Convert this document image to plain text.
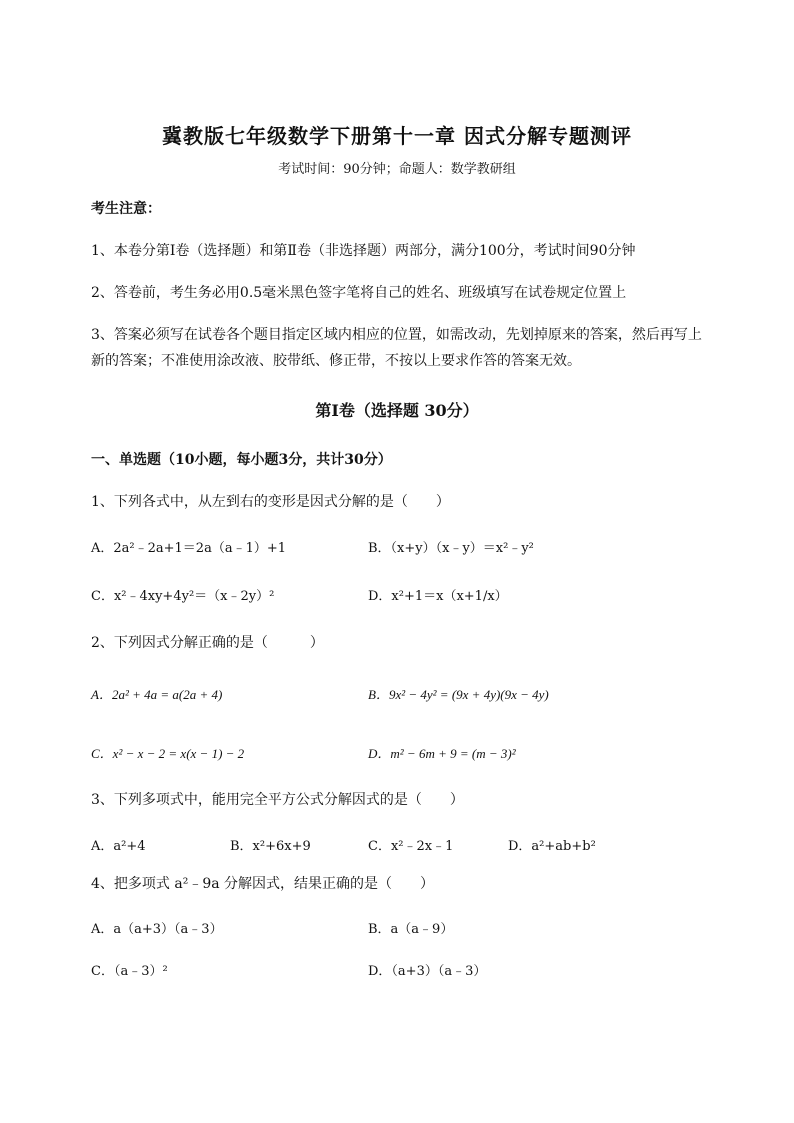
冀教版七年级数学下册第十一章 因式分解专题测评
考试时间：90分钟；命题人：数学教研组
考生注意：
1、本卷分第Ⅰ卷（选择题）和第Ⅱ卷（非选择题）两部分，满分100分，考试时间90分钟
2、答卷前，考生务必用0.5毫米黑色签字笔将自己的姓名、班级填写在试卷规定位置上
3、答案必须写在试卷各个题目指定区域内相应的位置，如需改动，先划掉原来的答案，然后再写上新的答案；不准使用涂改液、胶带纸、修正带，不按以上要求作答的答案无效。
第Ⅰ卷（选择题 30分）
一、单选题（10小题，每小题3分，共计30分）
1、下列各式中，从左到右的变形是因式分解的是（　　）
A．2a²﹣2a+1＝2a（a﹣1）+1	B．（x+y）（x﹣y）＝x²﹣y²
C．x²﹣4xy+4y²＝（x﹣2y）²	D．x²+1＝x（x+1/x）
2、下列因式分解正确的是（　　　）
A．2a² + 4a = a(2a + 4)	B．9x² − 4y² = (9x + 4y)(9x − 4y)
C．x² − x − 2 = x(x − 1) − 2	D．m² − 6m + 9 = (m − 3)²
3、下列多项式中，能用完全平方公式分解因式的是（　　）
A．a²+4	B．x²+6x+9	C．x²﹣2x﹣1	D．a²+ab+b²
4、把多项式 a²﹣9a 分解因式，结果正确的是（　　）
A．a（a+3）（a﹣3）	B．a（a﹣9）
C．（a﹣3）²	D．（a+3）（a﹣3）
